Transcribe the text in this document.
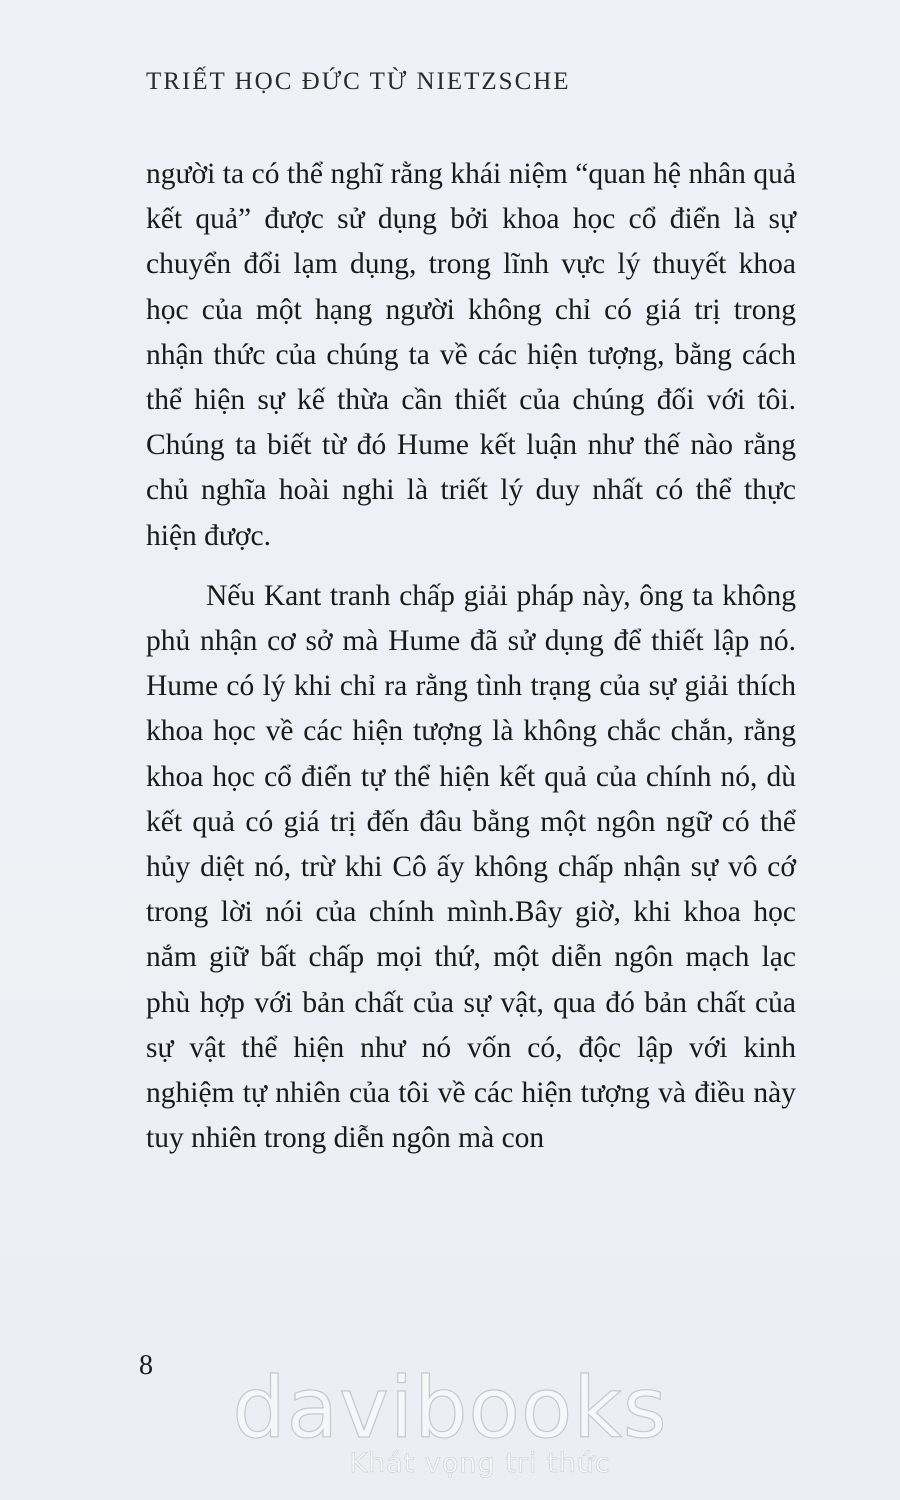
TRIẾT HỌC ĐỨC TỪ NIETZSCHE

người ta có thể nghĩ rằng khái niệm “quan hệ nhân quả kết quả” được sử dụng bởi khoa học cổ điển là sự chuyển đổi lạm dụng, trong lĩnh vực lý thuyết khoa học của một hạng người không chỉ có giá trị trong nhận thức của chúng ta về các hiện tượng, bằng cách thể hiện sự kế thừa cần thiết của chúng đối với tôi. Chúng ta biết từ đó Hume kết luận như thế nào rằng chủ nghĩa hoài nghi là triết lý duy nhất có thể thực hiện được.

Nếu Kant tranh chấp giải pháp này, ông ta không phủ nhận cơ sở mà Hume đã sử dụng để thiết lập nó. Hume có lý khi chỉ ra rằng tình trạng của sự giải thích khoa học về các hiện tượng là không chắc chắn, rằng khoa học cổ điển tự thể hiện kết quả của chính nó, dù kết quả có giá trị đến đâu bằng một ngôn ngữ có thể hủy diệt nó, trừ khi Cô ấy không chấp nhận sự vô cớ trong lời nói của chính mình.Bây giờ, khi khoa học nắm giữ bất chấp mọi thứ, một diễn ngôn mạch lạc phù hợp với bản chất của sự vật, qua đó bản chất của sự vật thể hiện như nó vốn có, độc lập với kinh nghiệm tự nhiên của tôi về các hiện tượng và điều này tuy nhiên trong diễn ngôn mà con

8 davibooks
Khát vọng tri thức
